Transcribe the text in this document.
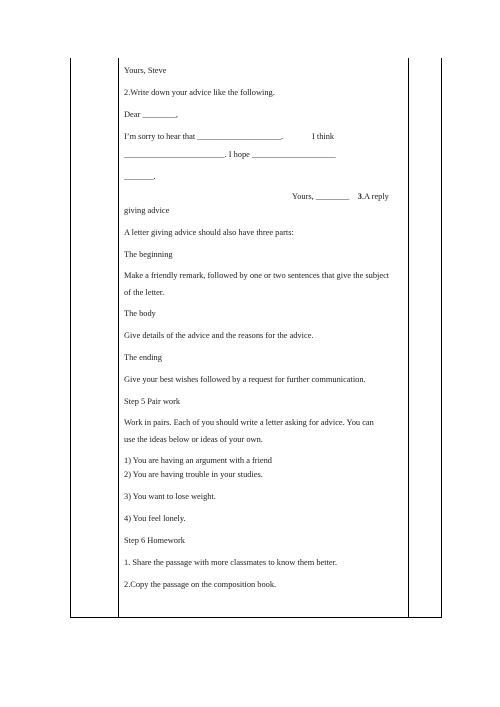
Yours, Steve
2.Write down your advice like the following.
Dear ________,
I’m sorry to hear that ____________________.	I think
________________________. I hope ____________________
_______.
Yours, ________ 3.A reply
giving advice
A letter giving advice should also have three parts:
The beginning
Make a friendly remark, followed by one or two sentences that give the subject
of the letter.
The body
Give details of the advice and the reasons for the advice.
The ending
Give your best wishes followed by a request for further communication.
Step 5 Pair work
Work in pairs. Each of you should write a letter asking for advice. You can
use the ideas below or ideas of your own.
1) You are having an argument with a friend
2) You are having trouble in your studies.
3) You want to lose weight.
4) You feel lonely.
Step 6 Homework
1. Share the passage with more classmates to know them better.
2.Copy the passage on the composition book.
